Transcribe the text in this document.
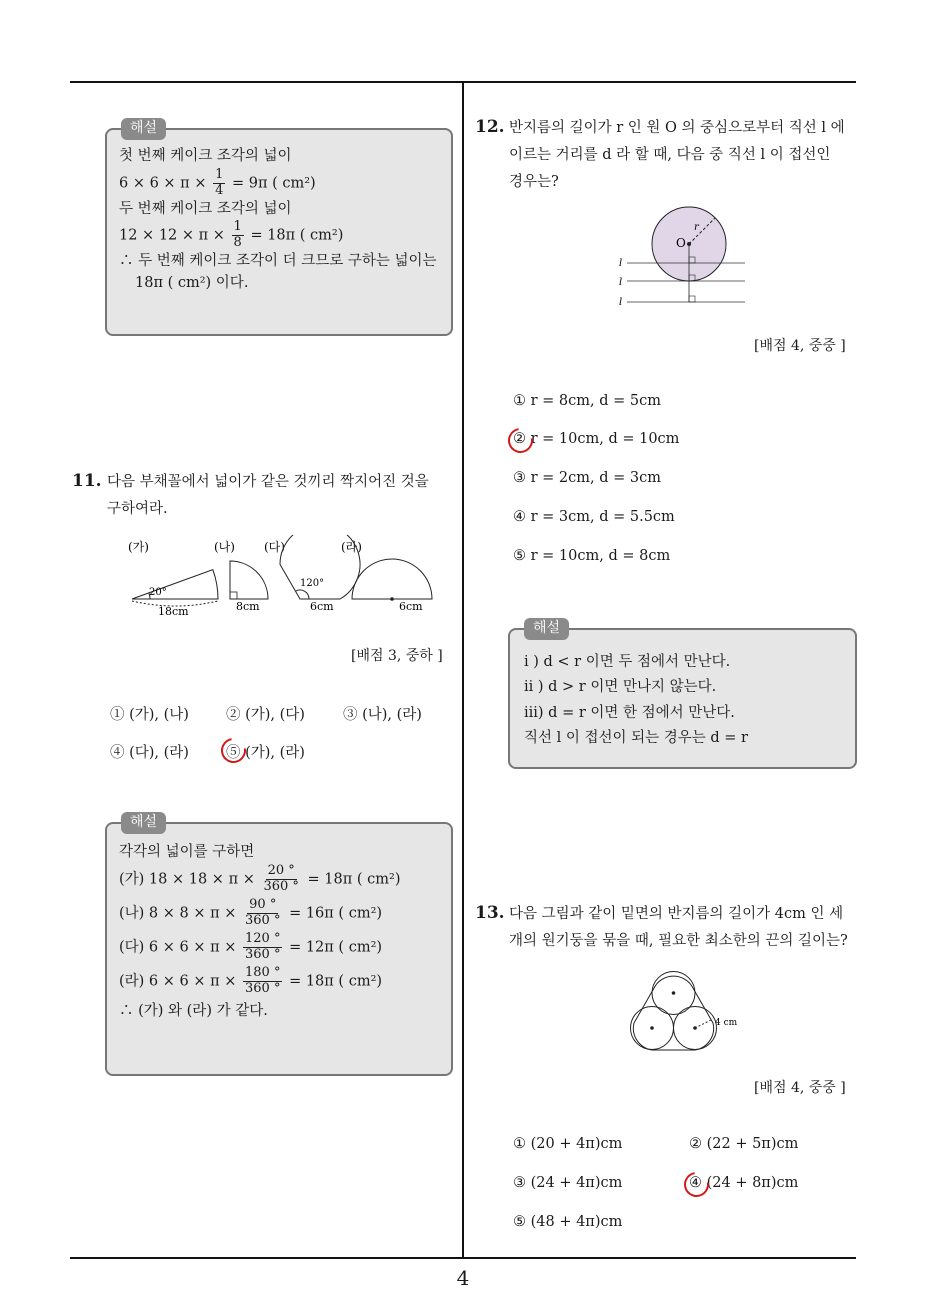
해설
첫 번째 케이크 조각의 넓이
$6 \times 6 \times \pi \times \frac{1}{4} = 9\pi$ ( cm²)
두 번째 케이크 조각의 넓이
$12 \times 12 \times \pi \times \frac{1}{8} = 18\pi$ ( cm²)
∴ 두 번째 케이크 조각이 더 크므로 구하는 넓이는
18π ( cm²) 이다.
11. 다음 부채꼴에서 넓이가 같은 것끼리 짝지어진 것을
구하여라.
(가)	(나) (다)	(라)
20°
18cm	8cm
120°
6cm	6cm
[배점 3, 중하 ]
① (가), (나)	② (가), (다)	③ (나), (라)
④ (다), (라)	⑤ (가), (라)
해설
각각의 넓이를 구하면
(가) $18 \times 18 \times \pi \times \frac{20 ^\circ}{360 ^\circ} = 18\pi$ ( cm²)
(나) $8 \times 8 \times \pi \times \frac{90 ^\circ}{360 ^\circ} = 16\pi$ ( cm²)
(다) $6 \times 6 \times \pi \times \frac{120 ^\circ}{360 ^\circ} = 12\pi$ ( cm²)
(라) $6 \times 6 \times \pi \times \frac{180 ^\circ}{360 ^\circ} = 18\pi$ ( cm²)
∴ (가) 와 (라) 가 같다.
12. 반지름의 길이가 r 인 원 O 의 중심으로부터 직선 l 에
이르는 거리를 d 라 할 때, 다음 중 직선 l 이 접선인
경우는?
O
r
l
l
l
[배점 4, 중중 ]
① r = 8cm, d = 5cm
② r = 10cm, d = 10cm
③ r = 2cm, d = 3cm
④ r = 3cm, d = 5.5cm
⑤ r = 10cm, d = 8cm
해설
i ) d < r 이면 두 점에서 만난다.
ii ) d > r 이면 만나지 않는다.
iii) d = r 이면 한 점에서 만난다.
직선 l 이 접선이 되는 경우는 d = r
13. 다음 그림과 같이 밑면의 반지름의 길이가 4cm 인 세
개의 원기둥을 묶을 때, 필요한 최소한의 끈의 길이는?
4 cm
[배점 4, 중중 ]
① (20 + 4π)cm	② (22 + 5π)cm
③ (24 + 4π)cm	④ (24 + 8π)cm
⑤ (48 + 4π)cm
4
